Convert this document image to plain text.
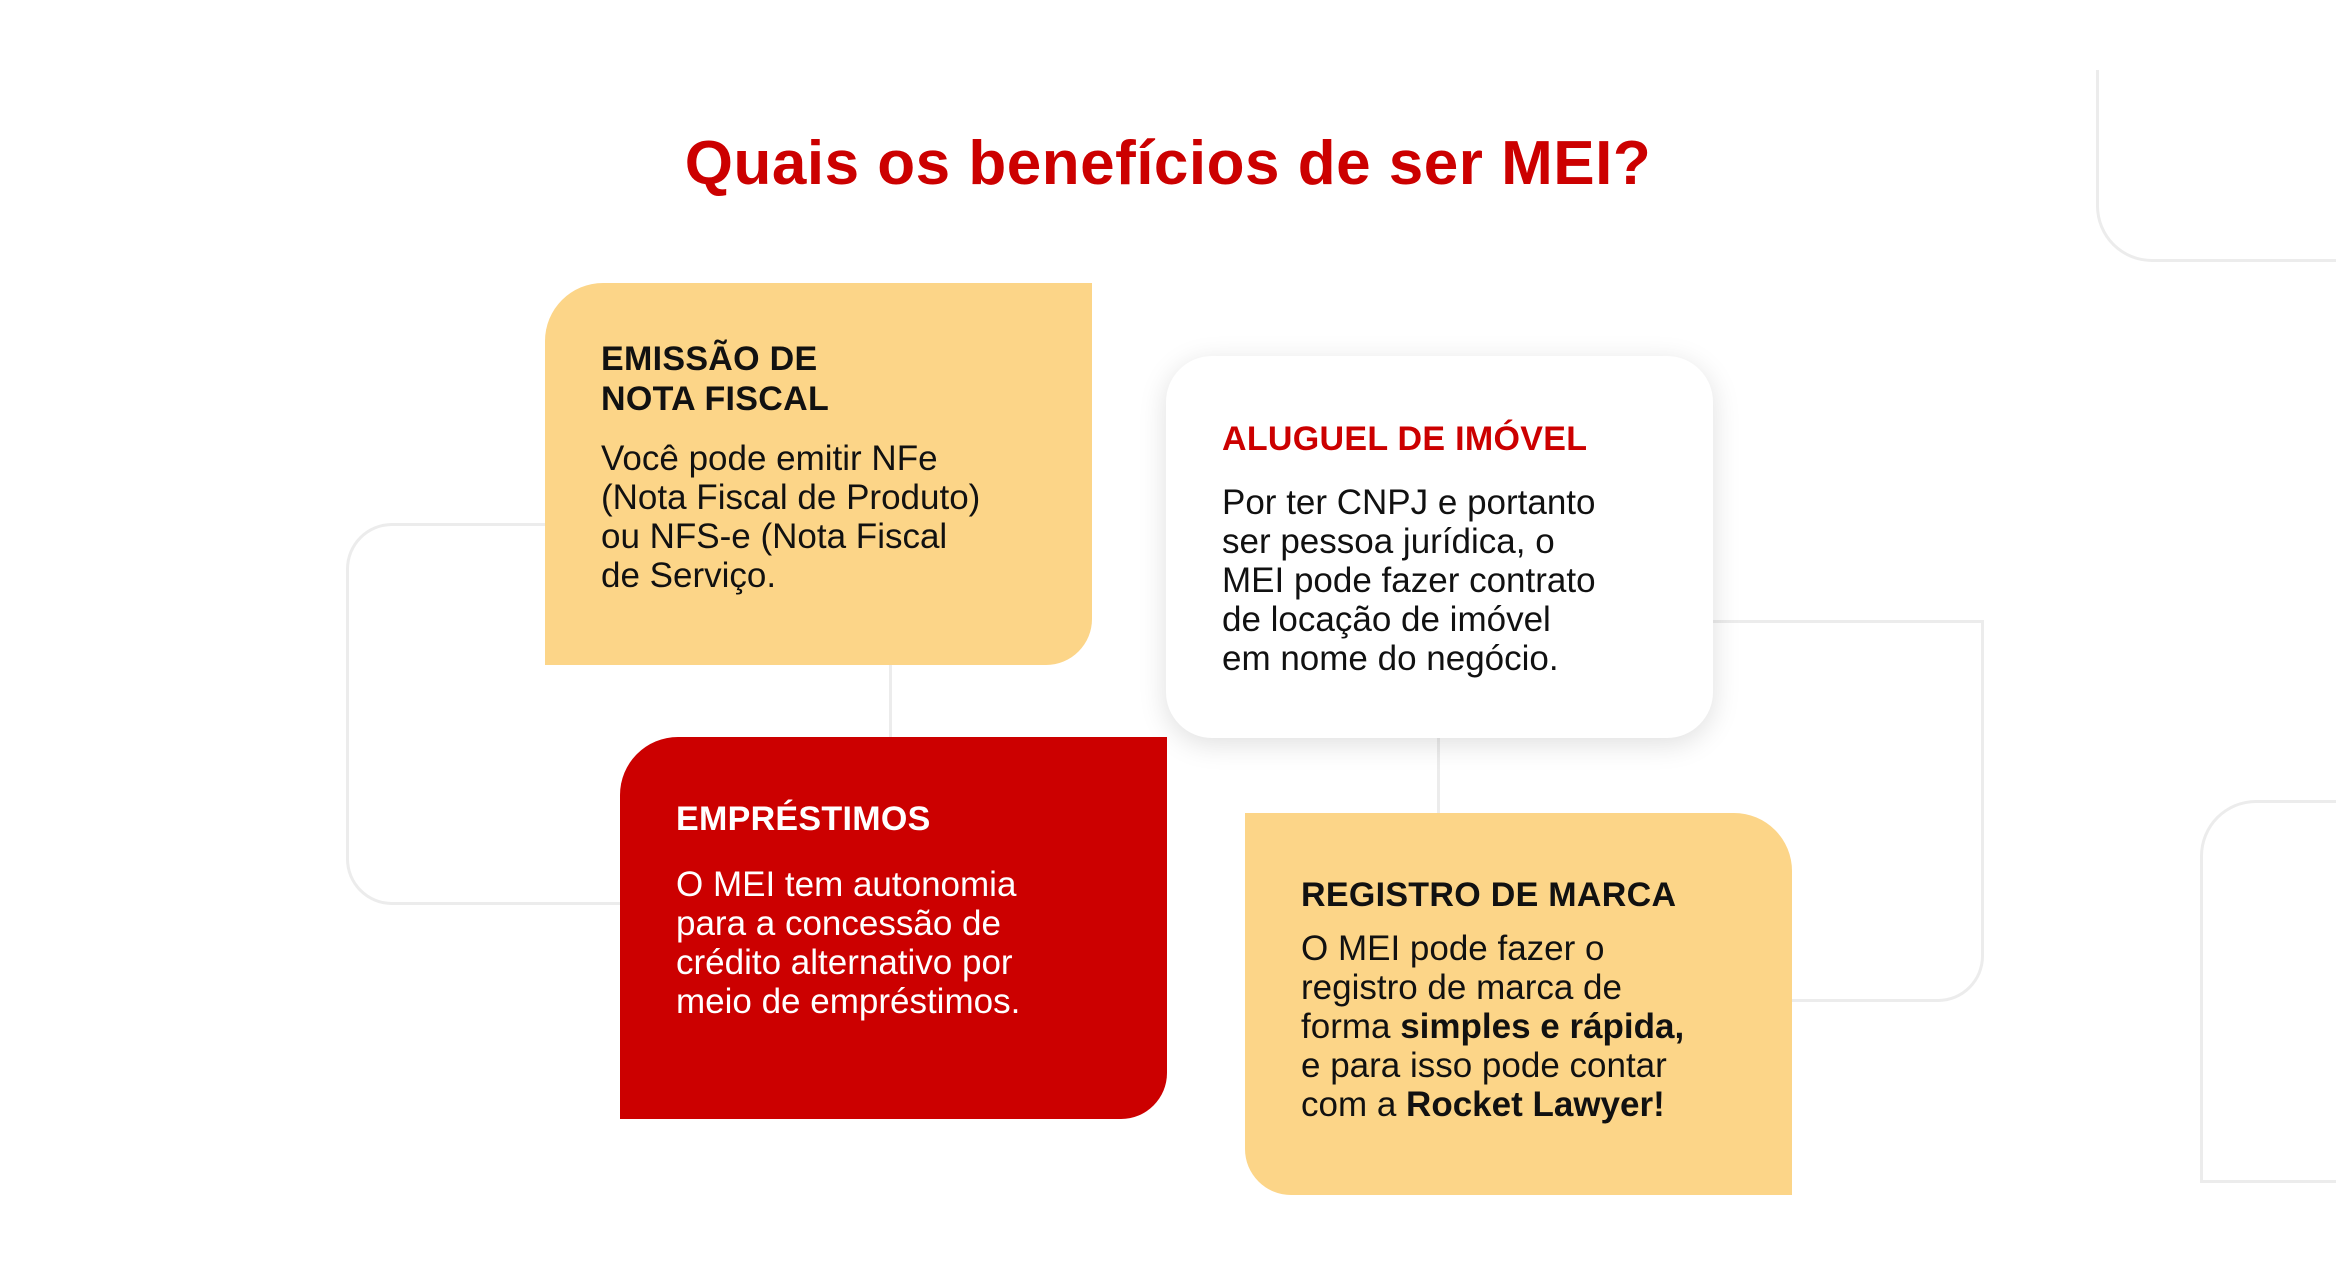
Quais os benefícios de ser MEI?
EMISSÃO DE
NOTA FISCAL

Você pode emitir NFe
(Nota Fiscal de Produto)
ou NFS-e (Nota Fiscal
de Serviço.

ALUGUEL DE IMÓVEL

Por ter CNPJ e portanto
ser pessoa jurídica, o
MEI pode fazer contrato
de locação de imóvel
em nome do negócio.

EMPRÉSTIMOS

O MEI tem autonomia
para a concessão de
crédito alternativo por
meio de empréstimos.

REGISTRO DE MARCA

O MEI pode fazer o
registro de marca de
forma simples e rápida,
e para isso pode contar
com a Rocket Lawyer!
